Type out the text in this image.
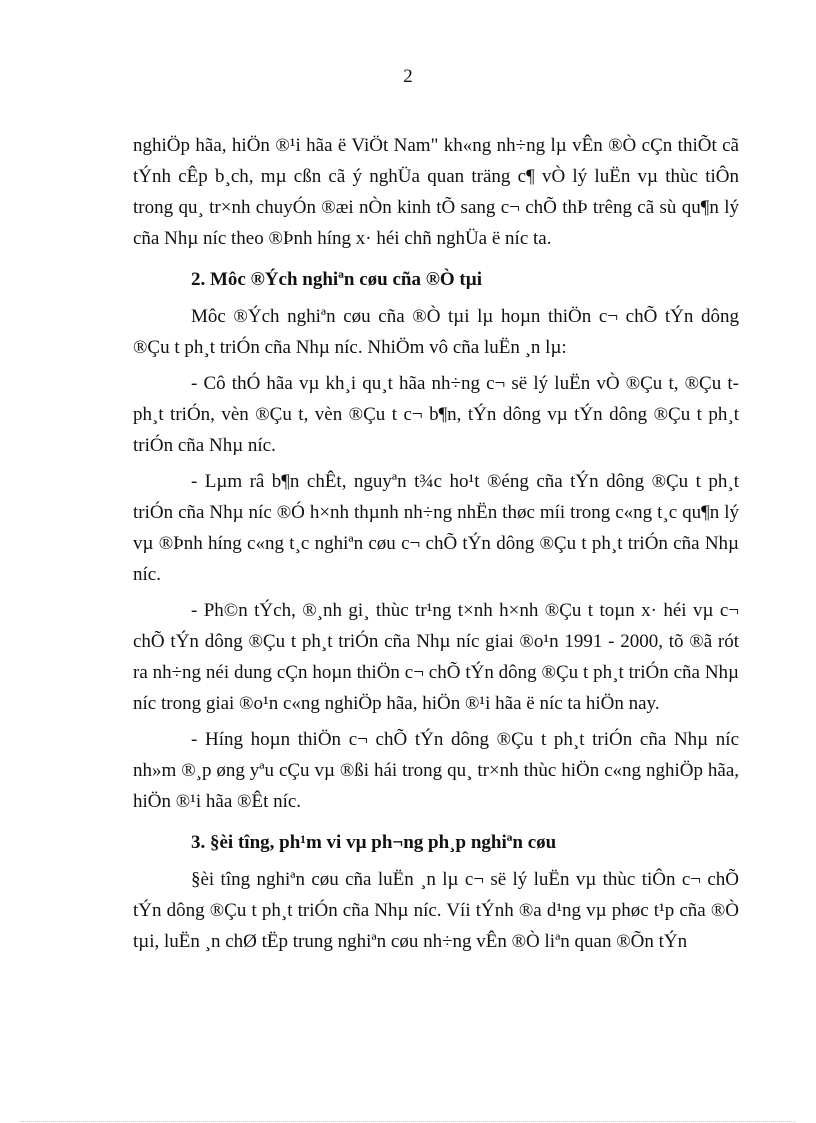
2

nghiÖp hãa, hiÖn ®¹i hãa ë ViÖt Nam" kh«ng nh÷ng lµ vÊn ®Ò cÇn thiÕt cã tÝnh cÊp b¸ch, mµ cßn cã ý nghÜa quan träng c¶ vÒ lý luËn vµ thùc tiÔn trong qu¸ tr×nh chuyÓn ®æi nÒn kinh tÕ sang c¬ chÕ thÞ trêng cã sù qu¶n lý cña Nhµ níc theo ®Þnh híng x· héi chñ nghÜa ë níc ta.

2. Môc ®Ých nghiªn cøu cña ®Ò tµi

Môc ®Ých nghiªn cøu cña ®Ò tµi lµ hoµn thiÖn c¬ chÕ tÝn dông ®Çu t ph¸t triÓn cña Nhµ níc. NhiÖm vô cña luËn ¸n lµ:

- Cô thÓ hãa vµ kh¸i qu¸t hãa nh÷ng c¬ së lý luËn vÒ ®Çu t, ®Çu t ph¸t triÓn, vèn ®Çu t, vèn ®Çu t c¬ b¶n, tÝn dông vµ tÝn dông ®Çu t ph¸t triÓn cña Nhµ níc.

- Lµm râ b¶n chÊt, nguyªn t¾c ho¹t ®éng cña tÝn dông ®Çu t ph¸t triÓn cña Nhµ níc ®Ó h×nh thµnh nh÷ng nhËn thøc míi trong c«ng t¸c qu¶n lý vµ ®Þnh híng c«ng t¸c nghiªn cøu c¬ chÕ tÝn dông ®Çu t ph¸t triÓn cña Nhµ níc.

- Ph©n tÝch, ®¸nh gi¸ thùc tr¹ng t×nh h×nh ®Çu t toµn x· héi vµ c¬ chÕ tÝn dông ®Çu t ph¸t triÓn cña Nhµ níc giai ®o¹n 1991 - 2000, tõ ®ã rót ra nh÷ng néi dung cÇn hoµn thiÖn c¬ chÕ tÝn dông ®Çu t ph¸t triÓn cña Nhµ níc trong giai ®o¹n c«ng nghiÖp hãa, hiÖn ®¹i hãa ë níc ta hiÖn nay.

- Híng hoµn thiÖn c¬ chÕ tÝn dông ®Çu t ph¸t triÓn cña Nhµ níc nh»m ®¸p øng yªu cÇu vµ ®ßi hái trong qu¸ tr×nh thùc hiÖn c«ng nghiÖp hãa, hiÖn ®¹i hãa ®Êt níc.

3. §èi tîng, ph¹m vi vµ ph¬ng ph¸p nghiªn cøu

§èi tîng nghiªn cøu cña luËn ¸n lµ c¬ së lý luËn vµ thùc tiÔn c¬ chÕ tÝn dông ®Çu t ph¸t triÓn cña Nhµ níc. Víi tÝnh ®a d¹ng vµ phøc t¹p cña ®Ò tµi, luËn ¸n chØ tËp trung nghiªn cøu nh÷ng vÊn ®Ò liªn quan ®Õn tÝn
